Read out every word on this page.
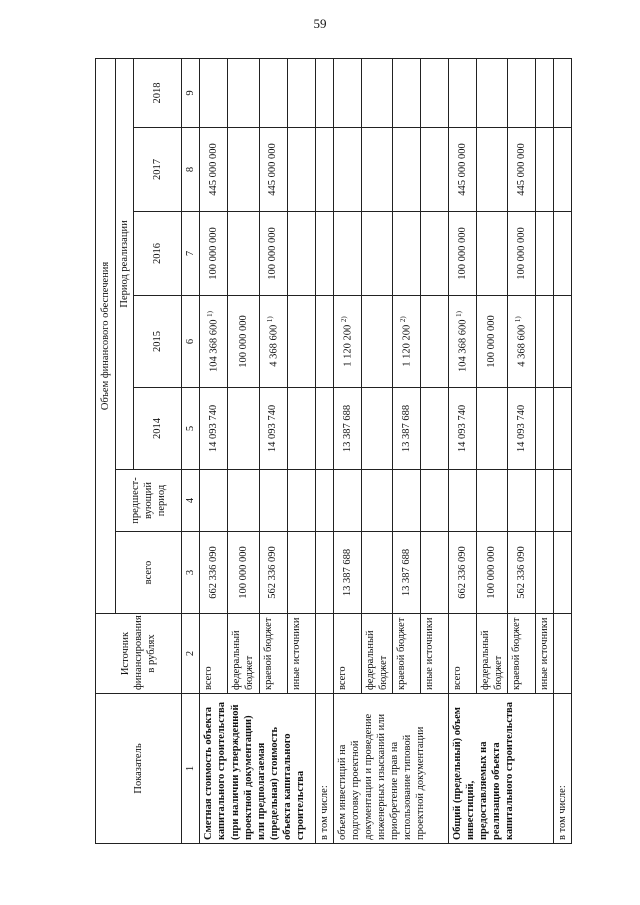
59
Показатель	Источник финансирования в рублях	Объем финансового обеспечения						
		всего	предшест-вующий период	Период реализации				
				2014	2015	2016	2017	2018
1	2	3	4	5	6	7	8	9
Сметная стоимость объекта капитального строительства (при наличии утвержденной проектной документации) или предполагаемая (предельная) стоимость объекта капитального строительства	всего	662 336 090		14 093 740	104 368 600 $^{1)}$	100 000 000	445 000 000	
	федеральный бюджет	100 000 000			100 000 000			
	краевой бюджет	562 336 090		14 093 740	4 368 600 $^{1)}$	100 000 000	445 000 000	
	иные источники							
в том числе:								
объем инвестиций на подготовку проектной документации и проведение инженерных изысканий или приобретение прав на использование типовой проектной документации	всего	13 387 688		13 387 688	1 120 200 $^{2)}$			
	федеральный бюджет							
	краевой бюджет	13 387 688		13 387 688	1 120 200 $^{2)}$			
	иные источники							
Общий (предельный) объем инвестиций, предоставляемых на реализацию объекта капитального строительства	всего	662 336 090		14 093 740	104 368 600 $^{1)}$	100 000 000	445 000 000	
	федеральный бюджет	100 000 000			100 000 000			
	краевой бюджет	562 336 090		14 093 740	4 368 600 $^{1)}$	100 000 000	445 000 000	
	иные источники							
в том числе:								
